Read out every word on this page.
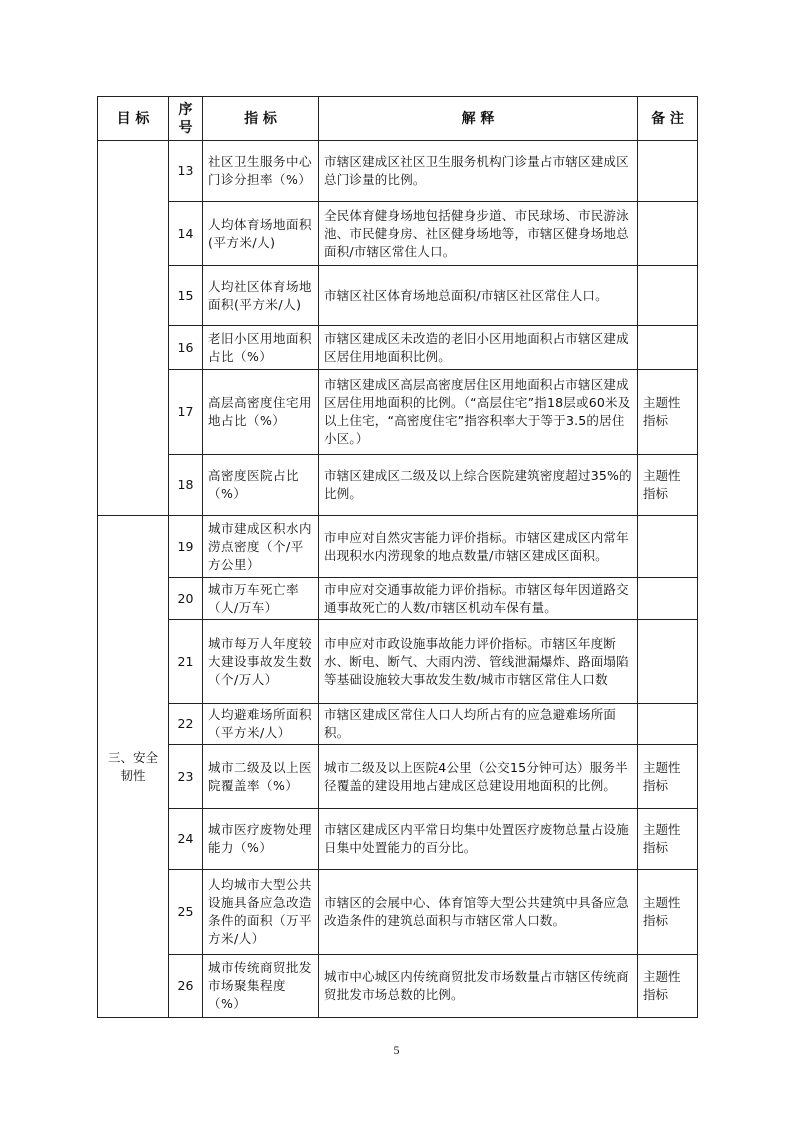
目 标	序号	指 标	解 释	备 注
	13	社区卫生服务中心门诊分担率（%）	市辖区建成区社区卫生服务机构门诊量占市辖区建成区总门诊量的比例。	
	14	人均体育场地面积(平方米/人)	全民体育健身场地包括健身步道、市民球场、市民游泳池、市民健身房、社区健身场地等，市辖区健身场地总面积/市辖区常住人口。	
	15	人均社区体育场地面积(平方米/人)	市辖区社区体育场地总面积/市辖区社区常住人口。	
	16	老旧小区用地面积占比（%）	市辖区建成区未改造的老旧小区用地面积占市辖区建成区居住用地面积比例。	
	17	高层高密度住宅用地占比（%）	市辖区建成区高层高密度居住区用地面积占市辖区建成区居住用地面积的比例。（“高层住宅”指18层或60米及以上住宅，“高密度住宅”指容积率大于等于3.5的居住小区。）	主题性指标
	18	高密度医院占比（%）	市辖区建成区二级及以上综合医院建筑密度超过35%的比例。	主题性指标
三、安全韧性	19	城市建成区积水内涝点密度（个/平方公里）	市申应对自然灾害能力评价指标。市辖区建成区内常年出现积水内涝现象的地点数量/市辖区建成区面积。	
	20	城市万车死亡率（人/万车）	市申应对交通事故能力评价指标。市辖区每年因道路交通事故死亡的人数/市辖区机动车保有量。	
	21	城市每万人年度较大建设事故发生数（个/万人）	市申应对市政设施事故能力评价指标。市辖区年度断水、断电、断气、大雨内涝、管线泄漏爆炸、路面塌陷等基础设施较大事故发生数/城市市辖区常住人口数	
	22	人均避难场所面积（平方米/人）	市辖区建成区常住人口人均所占有的应急避难场所面积。	
	23	城市二级及以上医院覆盖率（%）	城市二级及以上医院4公里（公交15分钟可达）服务半径覆盖的建设用地占建成区总建设用地面积的比例。	主题性指标
	24	城市医疗废物处理能力（%）	市辖区建成区内平常日均集中处置医疗废物总量占设施日集中处置能力的百分比。	主题性指标
	25	人均城市大型公共设施具备应急改造条件的面积（万平方米/人）	市辖区的会展中心、体育馆等大型公共建筑中具备应急改造条件的建筑总面积与市辖区常人口数。	主题性指标
	26	城市传统商贸批发市场聚集程度（%）	城市中心城区内传统商贸批发市场数量占市辖区传统商贸批发市场总数的比例。	主题性指标
5
